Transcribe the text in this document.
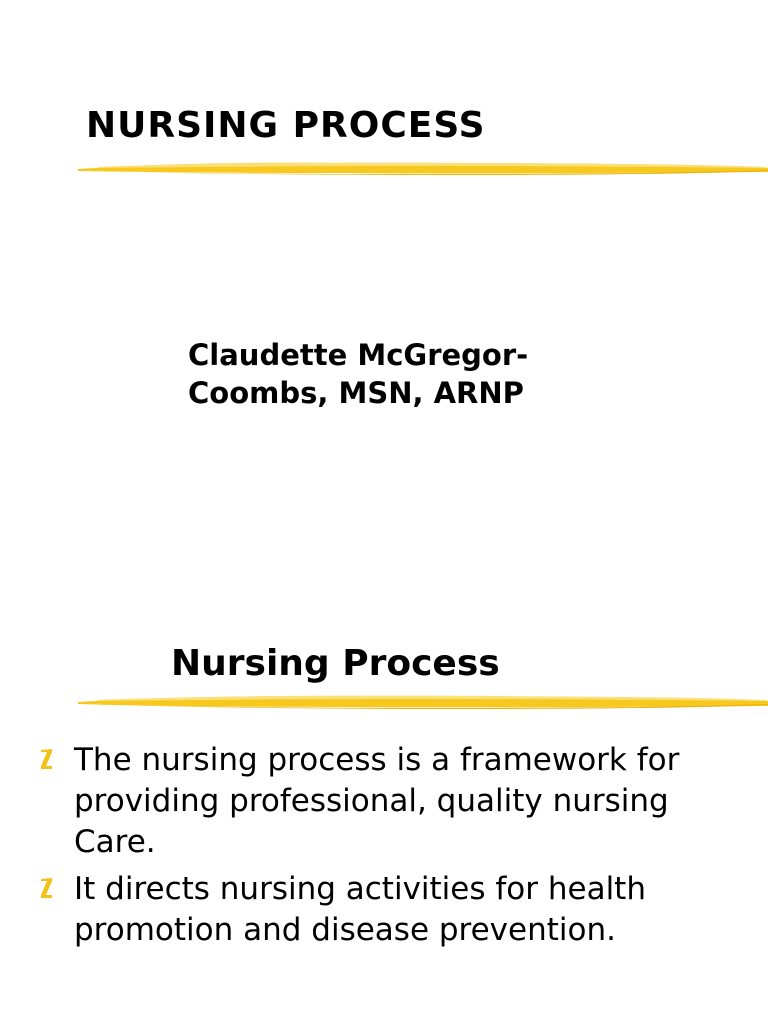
NURSING PROCESS
Claudette McGregor-
Coombs, MSN, ARNP
Nursing Process
The nursing process is a framework for providing professional, quality nursing Care.
It directs nursing activities for health promotion and disease prevention.
